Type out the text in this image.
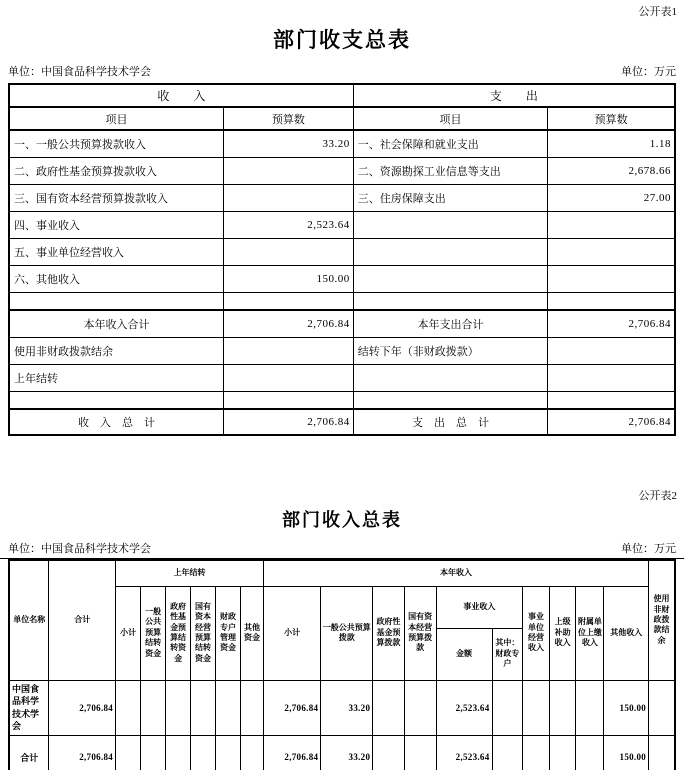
公开表1
部门收支总表
单位：中国食品科学技术学会	单位：万元
收　　入		支　　出	
项目	预算数	项目	预算数
一、一般公共预算拨款收入	33.20	一、社会保障和就业支出	1.18
二、政府性基金预算拨款收入		二、资源勘探工业信息等支出	2,678.66
三、国有资本经营预算拨款收入		三、住房保障支出	27.00
四、事业收入	2,523.64		
五、事业单位经营收入			
六、其他收入	150.00		

本年收入合计	2,706.84	本年支出合计	2,706.84
使用非财政拨款结余		结转下年（非财政拨款）	
上年结转			

收　入　总　计	2,706.84	支　出　总　计	2,706.84
公开表2
部门收入总表
单位：中国食品科学技术学会	单位：万元
单位名称	合计	上年结转						本年收入										使用非财政拨款结余
		小计	一般公共预算结转资金	政府性基金预算结转资金	国有资本经营预算结转资金	财政专户管理资金	其他资金	小计	一般公共预算拨款	政府性基金预算拨款	国有资本经营预算拨款	事业收入		事业单位经营收入	上级补助收入	附属单位上缴收入	其他收入	
												金额	其中：财政专户					
中国食品科学技术学会	2,706.84							2,706.84	33.20			2,523.64					150.00	
合计	2,706.84							2,706.84	33.20			2,523.64					150.00	
